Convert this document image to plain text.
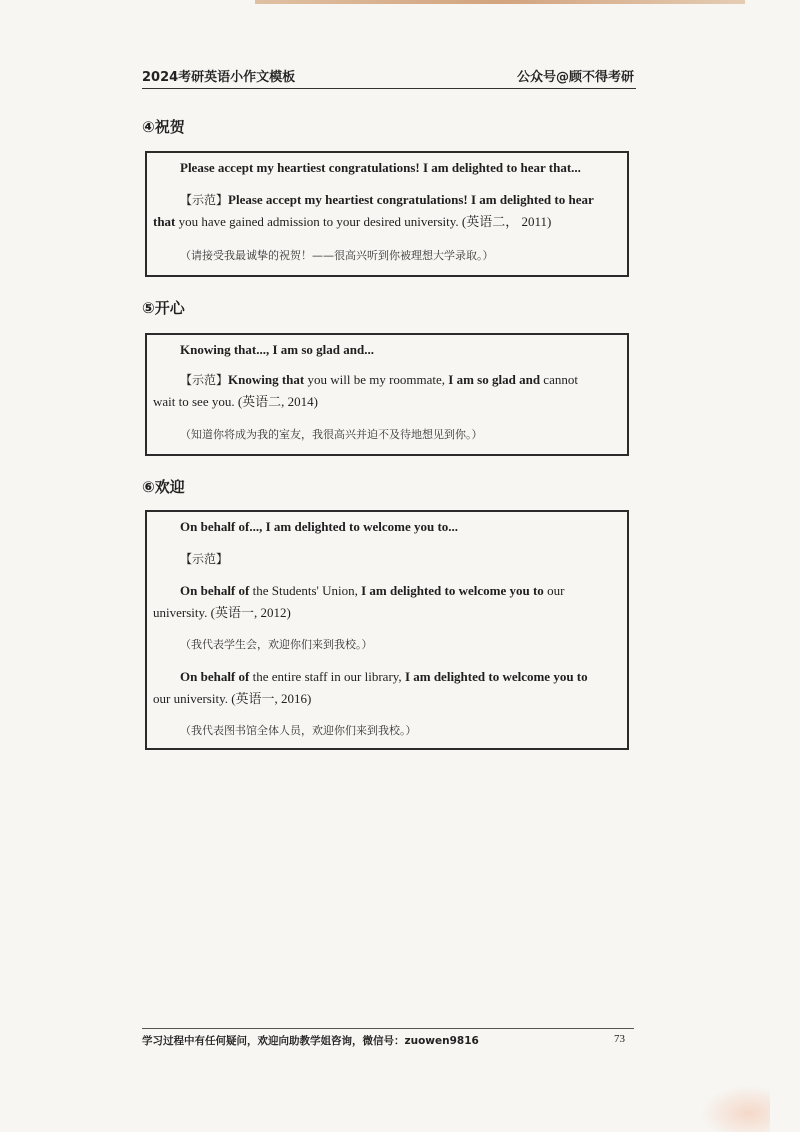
2024考研英语小作文模板	公众号@顾不得考研
④祝贺
Please accept my heartiest congratulations! I am delighted to hear that...
【示范】Please accept my heartiest congratulations! I am delighted to hear
that you have gained admission to your desired university. (英语二， 2011)
（请接受我最诚挚的祝贺！——很高兴听到你被理想大学录取。）
⑤开心
Knowing that..., I am so glad and...
【示范】Knowing that you will be my roommate, I am so glad and cannot
wait to see you. (英语二, 2014)
（知道你将成为我的室友，我很高兴并迫不及待地想见到你。）
⑥欢迎
On behalf of..., I am delighted to welcome you to...
【示范】
On behalf of the Students' Union, I am delighted to welcome you to our
university. (英语一, 2012)
（我代表学生会，欢迎你们来到我校。）
On behalf of the entire staff in our library, I am delighted to welcome you to
our university. (英语一, 2016)
（我代表图书馆全体人员，欢迎你们来到我校。）
学习过程中有任何疑问，欢迎向助教学姐咨询，微信号：zuowen9816	73
